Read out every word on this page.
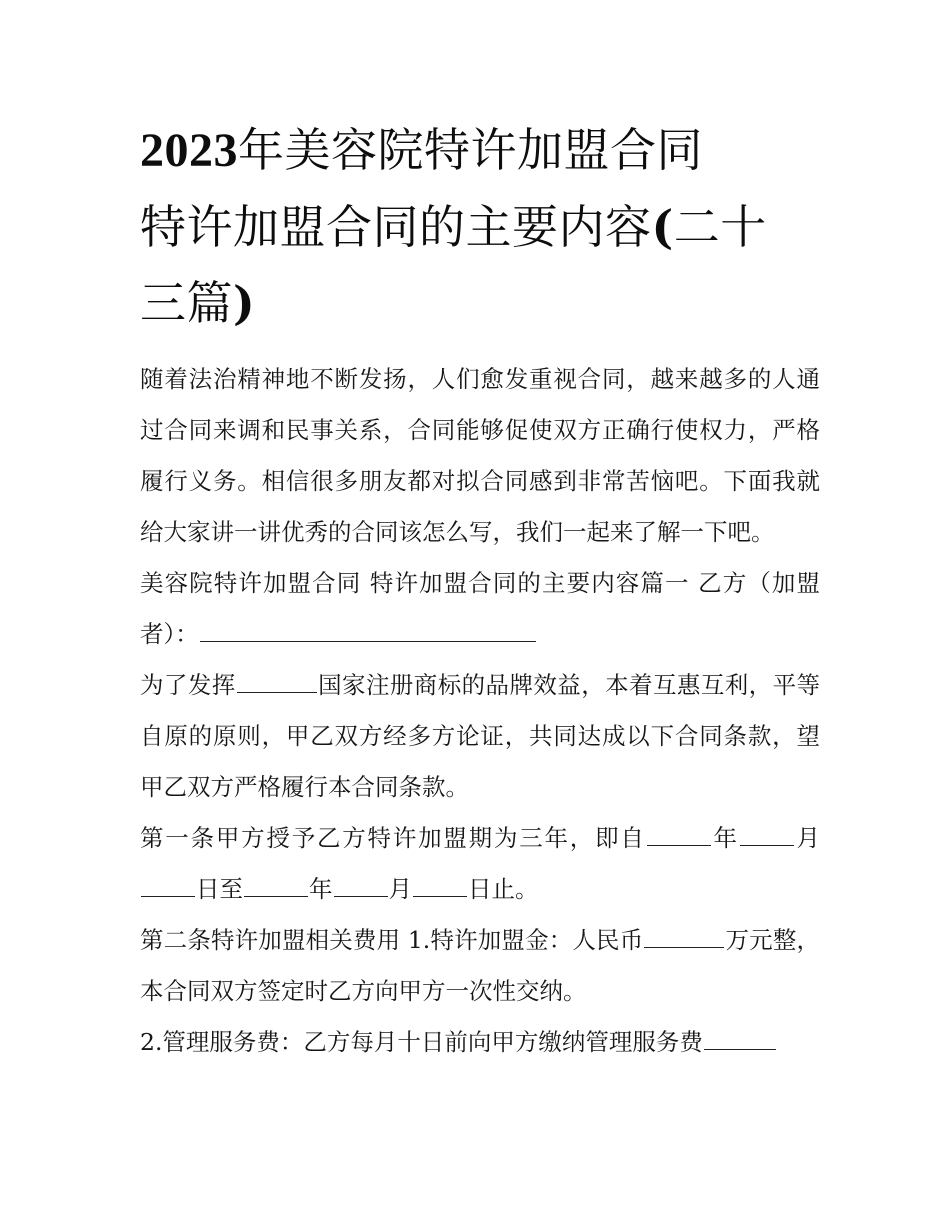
2023年美容院特许加盟合同
特许加盟合同的主要内容(二十
三篇)

随着法治精神地不断发扬，人们愈发重视合同，越来越多的人通过合同来调和民事关系，合同能够促使双方正确行使权力，严格履行义务。相信很多朋友都对拟合同感到非常苦恼吧。下面我就给大家讲一讲优秀的合同该怎么写，我们一起来了解一下吧。

美容院特许加盟合同 特许加盟合同的主要内容篇一 乙方（加盟者）：

为了发挥	国家注册商标的品牌效益，本着互惠互利，平等自原的原则，甲乙双方经多方论证，共同达成以下合同条款，望甲乙双方严格履行本合同条款。

第一条甲方授予乙方特许加盟期为三年，即自	年 月日至	年 月 日止。

第二条特许加盟相关费用 1.特许加盟金：人民币	万元整，本合同双方签定时乙方向甲方一次性交纳。

2.管理服务费：乙方每月十日前向甲方缴纳管理服务费
